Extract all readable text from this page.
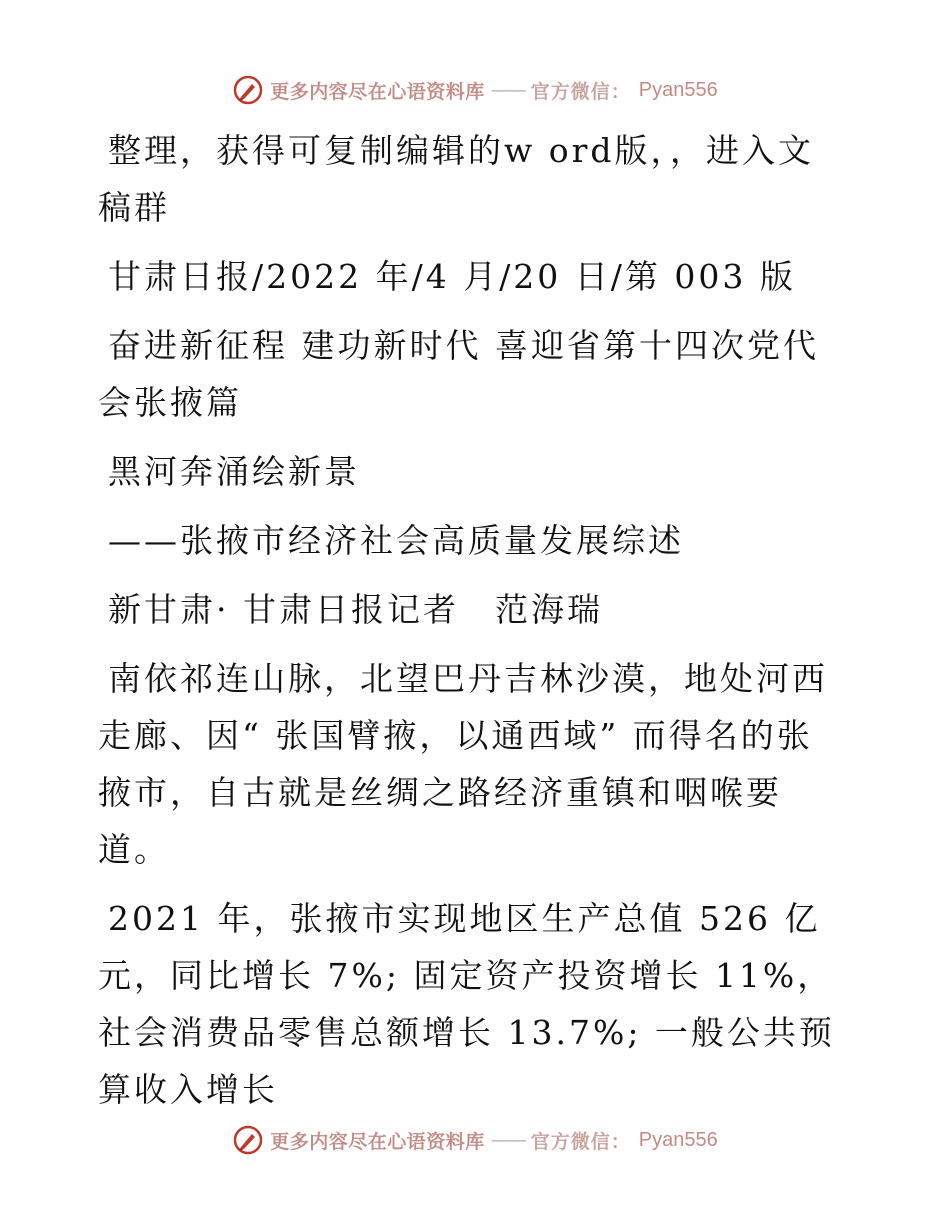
更多内容尽在心语资料库 —— 官方微信： Pyan556

整理，获得可复制编辑的w ord版，，进入文稿群

甘肃日报/2022 年/4 月/20 日/第 003 版

奋进新征程 建功新时代 喜迎省第十四次党代会张掖篇

黑河奔涌绘新景

——张掖市经济社会高质量发展综述

新甘肃· 甘肃日报记者　范海瑞

南依祁连山脉，北望巴丹吉林沙漠，地处河西走廊、因“ 张国臂掖，以通西域” 而得名的张掖市，自古就是丝绸之路经济重镇和咽喉要道。

2021 年，张掖市实现地区生产总值 526 亿元，同比增长 7%; 固定资产投资增长 11%，社会消费品零售总额增长 13.7%; 一般公共预算收入增长

更多内容尽在心语资料库 —— 官方微信： Pyan556
